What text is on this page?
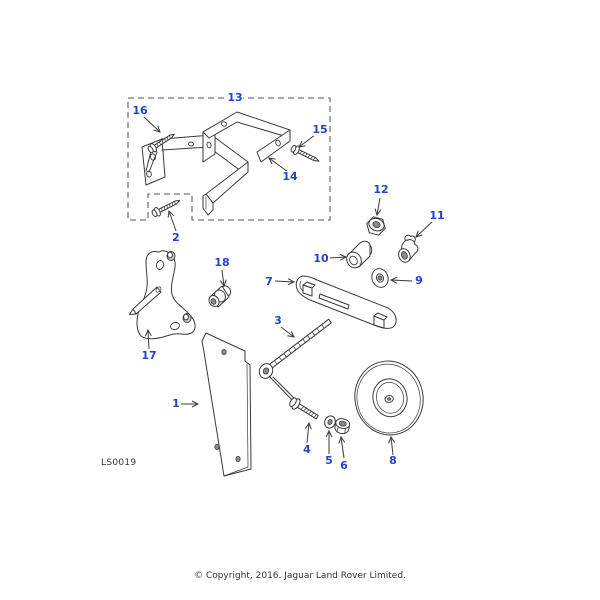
1
2
3
4
5 6
7
8
9
10
11
12
13
14
15
16
17
18
LS0019
© Copyright, 2016. Jaguar Land Rover Limited.
